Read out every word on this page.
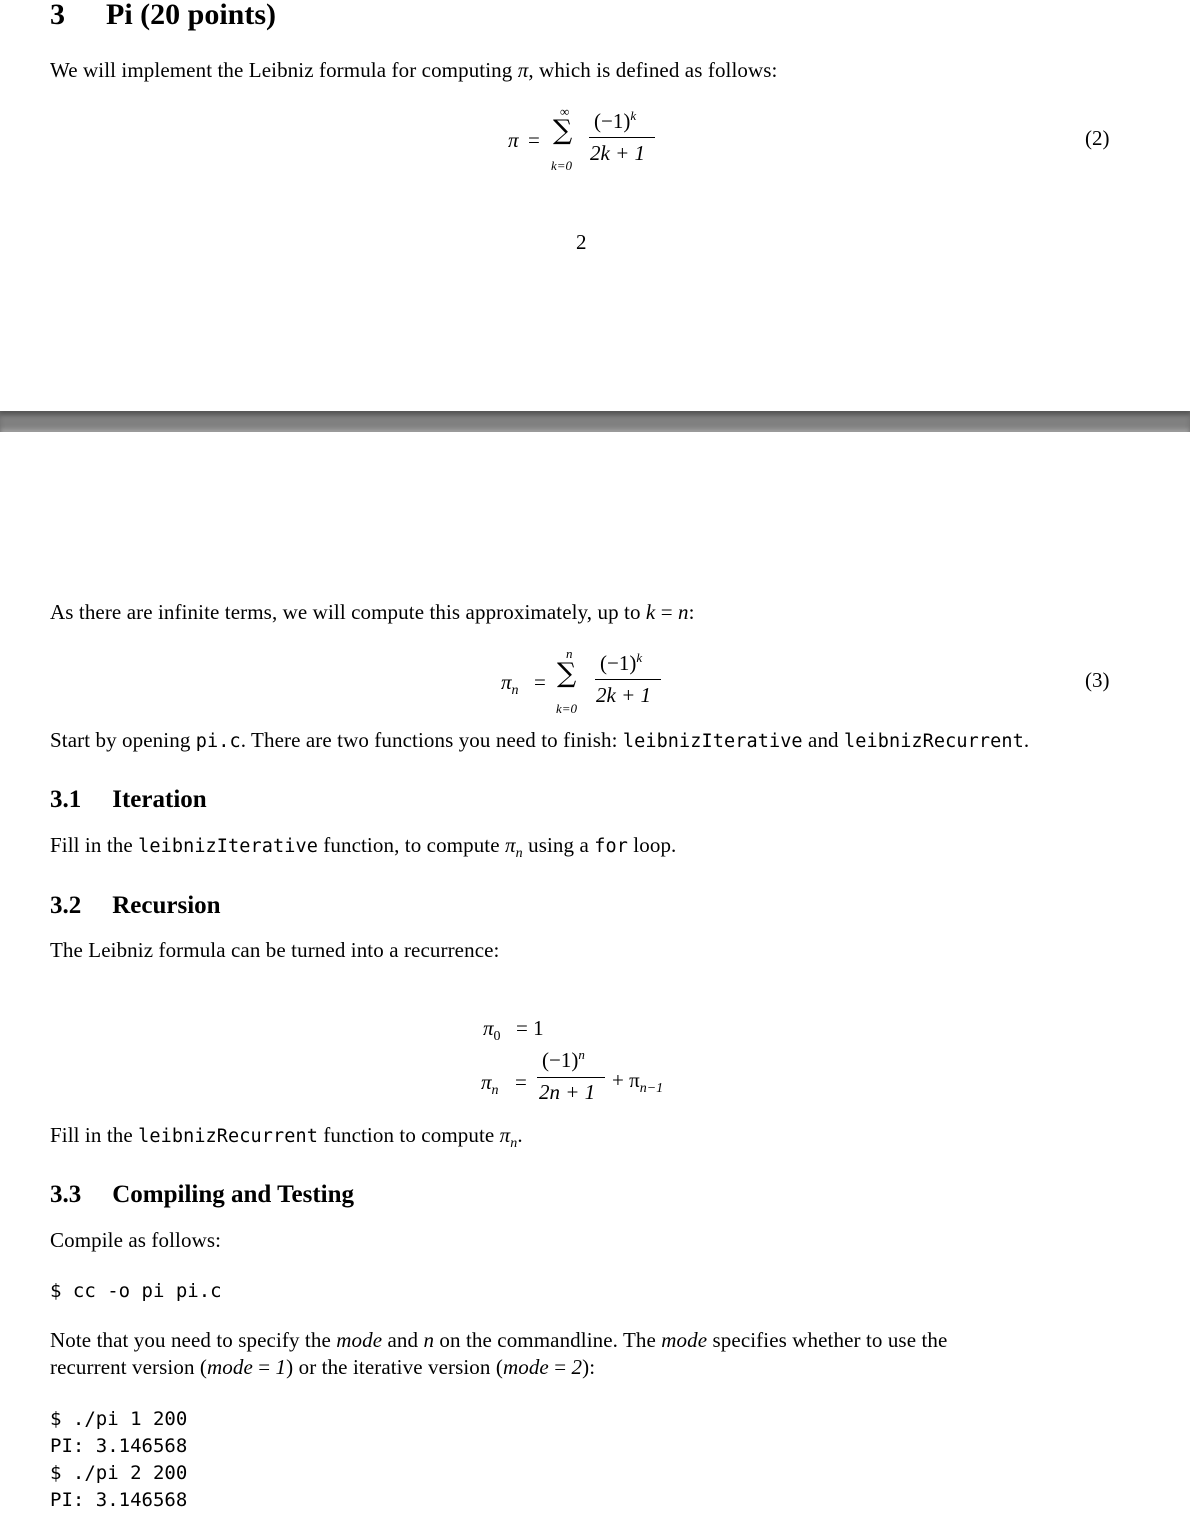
3 Pi (20 points)
We will implement the Leibniz formula for computing π, which is defined as follows:
π =
∞
∑
k=0
$(-1)^k$
2k + 1
(2)
2
As there are infinite terms, we will compute this approximately, up to k = n:
$\pi_n$ =
n
∑
k=0
$(-1)^k$
2k + 1
(3)
Start by opening pi.c. There are two functions you need to finish: leibnizIterative and leibnizRecurrent.
3.1 Iteration
Fill in the leibnizIterative function, to compute $\pi_n$ using a for loop.
3.2 Recursion
The Leibniz formula can be turned into a recurrence:
$\pi_0 = 1$
$\pi_n$ =
$(-1)^n$
$2n + 1 + \pi_{n-1}$
Fill in the leibnizRecurrent function to compute $\pi_n$.
3.3 Compiling and Testing
Compile as follows:
$ cc -o pi pi.c
Note that you need to specify the mode and n on the commandline. The mode specifies whether to use the
recurrent version (mode = 1) or the iterative version (mode = 2):
$ ./pi 1 200
PI: 3.146568
$ ./pi 2 200
PI: 3.146568
